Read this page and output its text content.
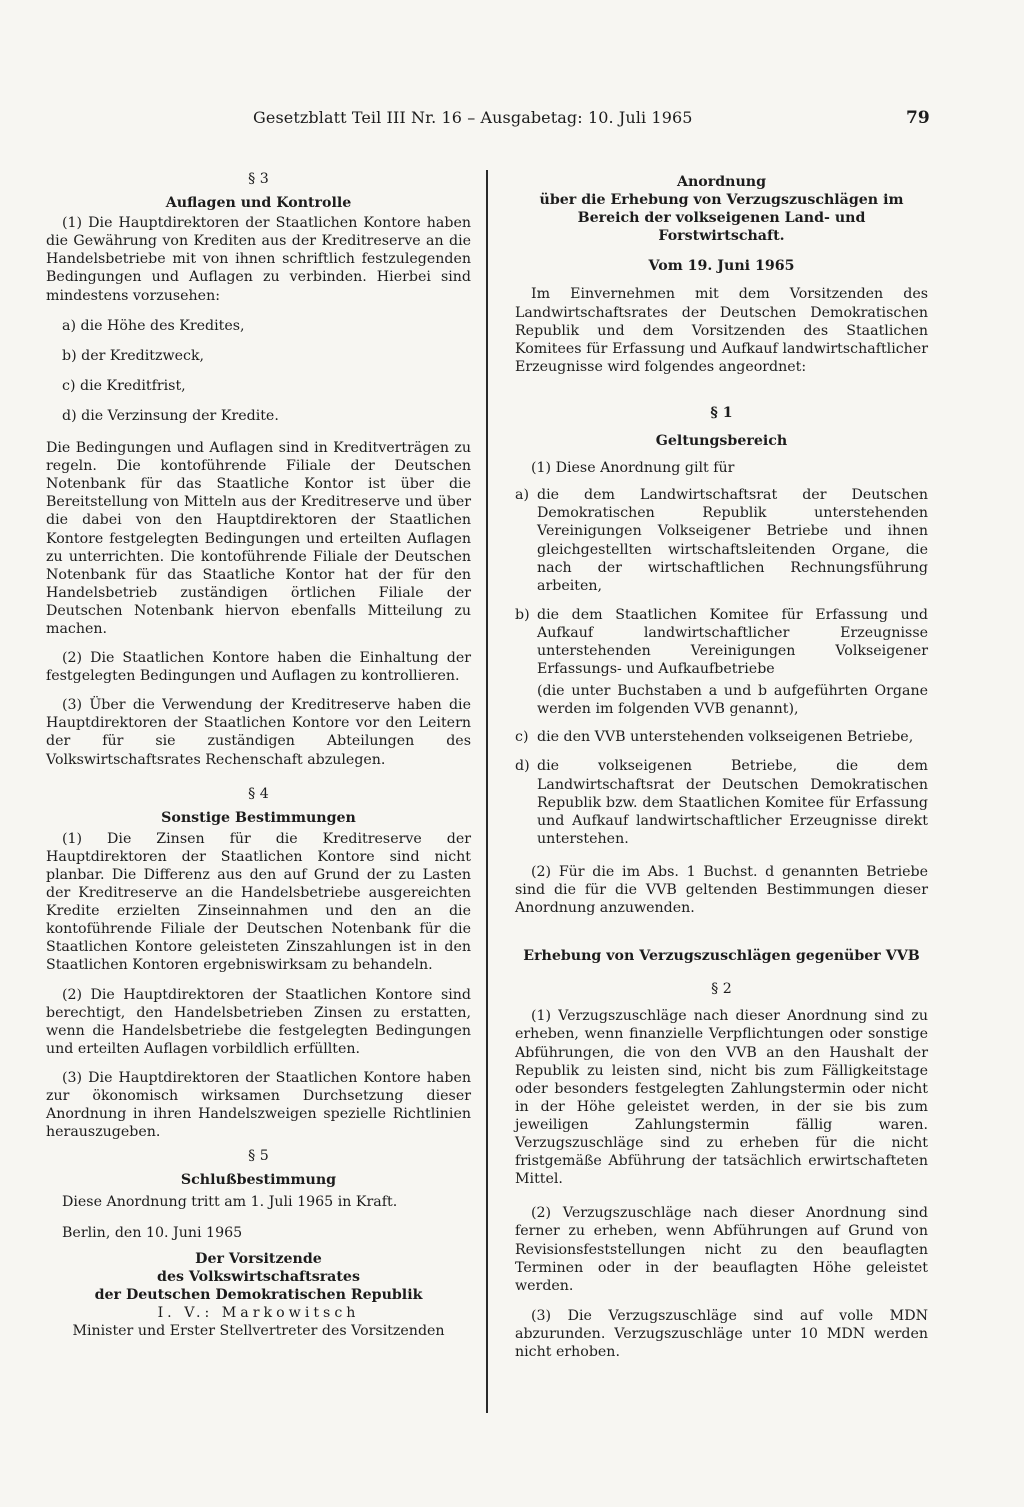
Gesetzblatt Teil III Nr. 16 – Ausgabetag: 10. Juli 1965	79

§ 3

Auflagen und Kontrolle

(1) Die Hauptdirektoren der Staatlichen Kontore haben die Gewährung von Krediten aus der Kreditreserve an die Handelsbetriebe mit von ihnen schriftlich festzulegenden Bedingungen und Auflagen zu verbinden. Hierbei sind mindestens vorzusehen:

a) die Höhe des Kredites,

b) der Kreditzweck,

c) die Kreditfrist,

d) die Verzinsung der Kredite.

Die Bedingungen und Auflagen sind in Kreditverträgen zu regeln. Die kontoführende Filiale der Deutschen Notenbank für das Staatliche Kontor ist über die Bereitstellung von Mitteln aus der Kreditreserve und über die dabei von den Hauptdirektoren der Staatlichen Kontore festgelegten Bedingungen und erteilten Auflagen zu unterrichten. Die kontoführende Filiale der Deutschen Notenbank für das Staatliche Kontor hat der für den Handelsbetrieb zuständigen örtlichen Filiale der Deutschen Notenbank hiervon ebenfalls Mitteilung zu machen.

(2) Die Staatlichen Kontore haben die Einhaltung der festgelegten Bedingungen und Auflagen zu kontrollieren.

(3) Über die Verwendung der Kreditreserve haben die Hauptdirektoren der Staatlichen Kontore vor den Leitern der für sie zuständigen Abteilungen des Volkswirtschaftsrates Rechenschaft abzulegen.

§ 4

Sonstige Bestimmungen

(1) Die Zinsen für die Kreditreserve der Hauptdirektoren der Staatlichen Kontore sind nicht planbar. Die Differenz aus den auf Grund der zu Lasten der Kreditreserve an die Handelsbetriebe ausgereichten Kredite erzielten Zinseinnahmen und den an die kontoführende Filiale der Deutschen Notenbank für die Staatlichen Kontore geleisteten Zinszahlungen ist in den Staatlichen Kontoren ergebniswirksam zu behandeln.

(2) Die Hauptdirektoren der Staatlichen Kontore sind berechtigt, den Handelsbetrieben Zinsen zu erstatten, wenn die Handelsbetriebe die festgelegten Bedingungen und erteilten Auflagen vorbildlich erfüllten.

(3) Die Hauptdirektoren der Staatlichen Kontore haben zur ökonomisch wirksamen Durchsetzung dieser Anordnung in ihren Handelszweigen spezielle Richtlinien herauszugeben.

§ 5

Schlußbestimmung

Diese Anordnung tritt am 1. Juli 1965 in Kraft.

Berlin, den 10. Juni 1965

Der Vorsitzende

des Volkswirtschaftsrates

der Deutschen Demokratischen Republik

I. V.: Markowitsch

Minister und Erster Stellvertreter des Vorsitzenden

Anordnung

über die Erhebung von Verzugszuschlägen im

Bereich der volkseigenen Land- und Forstwirtschaft.

Vom 19. Juni 1965

Im Einvernehmen mit dem Vorsitzenden des Landwirtschaftsrates der Deutschen Demokratischen Republik und dem Vorsitzenden des Staatlichen Komitees für Erfassung und Aufkauf landwirtschaftlicher Erzeugnisse wird folgendes angeordnet:

§ 1

Geltungsbereich

(1) Diese Anordnung gilt für

a) die dem Landwirtschaftsrat der Deutschen Demokratischen Republik unterstehenden Vereinigungen Volkseigener Betriebe und ihnen gleichgestellten wirtschaftsleitenden Organe, die nach der wirtschaftlichen Rechnungsführung arbeiten,
b) die dem Staatlichen Komitee für Erfassung und Aufkauf landwirtschaftlicher Erzeugnisse unterstehenden Vereinigungen Volkseigener Erfassungs- und Aufkaufbetriebe

(die unter Buchstaben a und b aufgeführten Organe werden im folgenden VVB genannt),

c) die den VVB unterstehenden volkseigenen Betriebe,
d) die volkseigenen Betriebe, die dem Landwirtschaftsrat der Deutschen Demokratischen Republik bzw. dem Staatlichen Komitee für Erfassung und Aufkauf landwirtschaftlicher Erzeugnisse direkt unterstehen.

(2) Für die im Abs. 1 Buchst. d genannten Betriebe sind die für die VVB geltenden Bestimmungen dieser Anordnung anzuwenden.

Erhebung von Verzugszuschlägen gegenüber VVB

§ 2

(1) Verzugszuschläge nach dieser Anordnung sind zu erheben, wenn finanzielle Verpflichtungen oder sonstige Abführungen, die von den VVB an den Haushalt der Republik zu leisten sind, nicht bis zum Fälligkeitstage oder besonders festgelegten Zahlungstermin oder nicht in der Höhe geleistet werden, in der sie bis zum jeweiligen Zahlungstermin fällig waren. Verzugszuschläge sind zu erheben für die nicht fristgemäße Abführung der tatsächlich erwirtschafteten Mittel.

(2) Verzugszuschläge nach dieser Anordnung sind ferner zu erheben, wenn Abführungen auf Grund von Revisionsfeststellungen nicht zu den beauflagten Terminen oder in der beauflagten Höhe geleistet werden.

(3) Die Verzugszuschläge sind auf volle MDN abzurunden. Verzugszuschläge unter 10 MDN werden nicht erhoben.
